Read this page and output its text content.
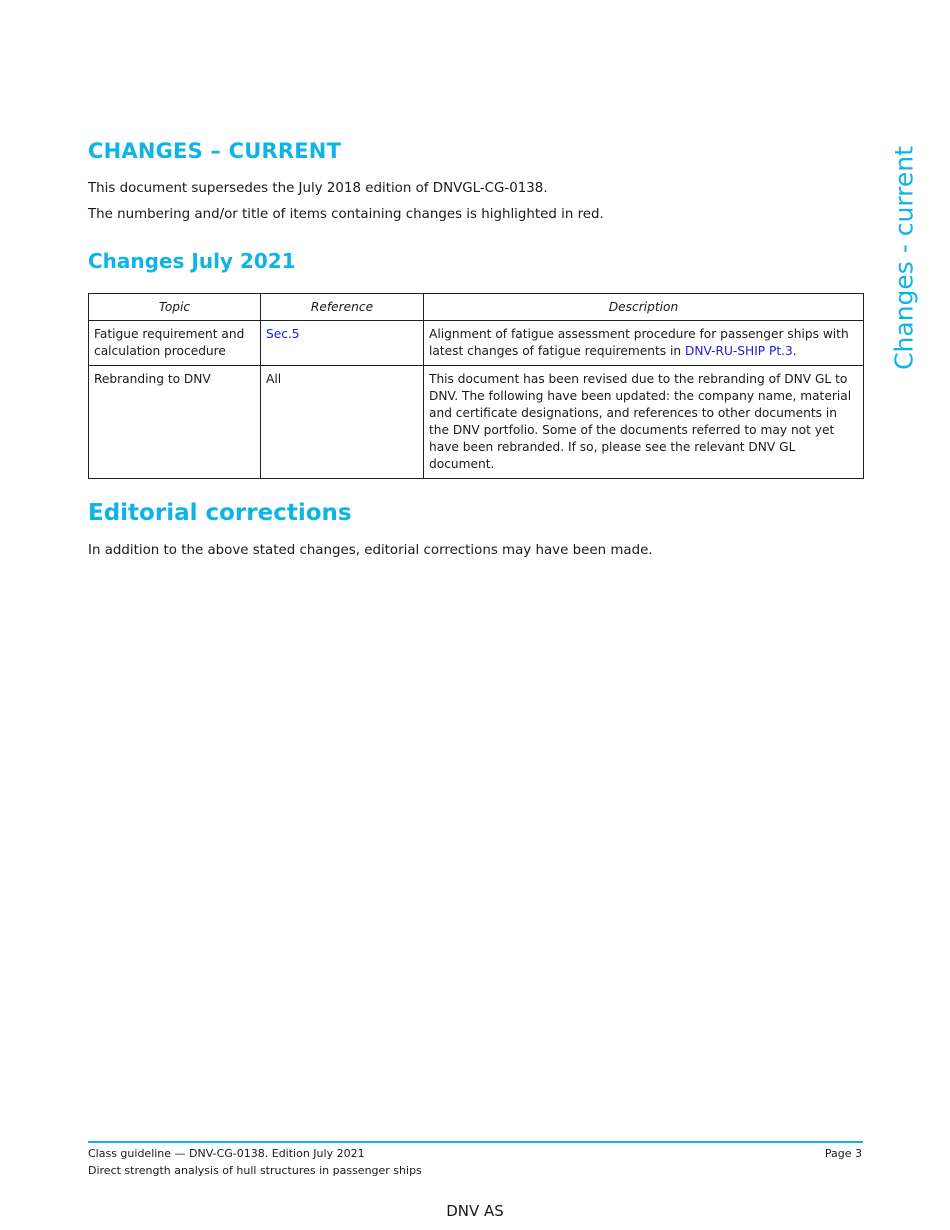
CHANGES – CURRENT

This document supersedes the July 2018 edition of DNVGL-CG-0138.

The numbering and/or title of items containing changes is highlighted in red.

Changes July 2021
Topic	Reference	Description
Fatigue requirement and calculation procedure	Sec.5	Alignment of fatigue assessment procedure for passenger ships with latest changes of fatigue requirements in DNV-RU-SHIP Pt.3.
Rebranding to DNV	All	This document has been revised due to the rebranding of DNV GL to DNV. The following have been updated: the company name, material and certificate designations, and references to other documents in the DNV portfolio. Some of the documents referred to may not yet have been rebranded. If so, please see the relevant DNV GL document.
Editorial corrections

In addition to the above stated changes, editorial corrections may have been made.

Changes - current

Class guideline — DNV-CG-0138. Edition July 2021

Direct strength analysis of hull structures in passenger ships

Page 3

DNV AS
